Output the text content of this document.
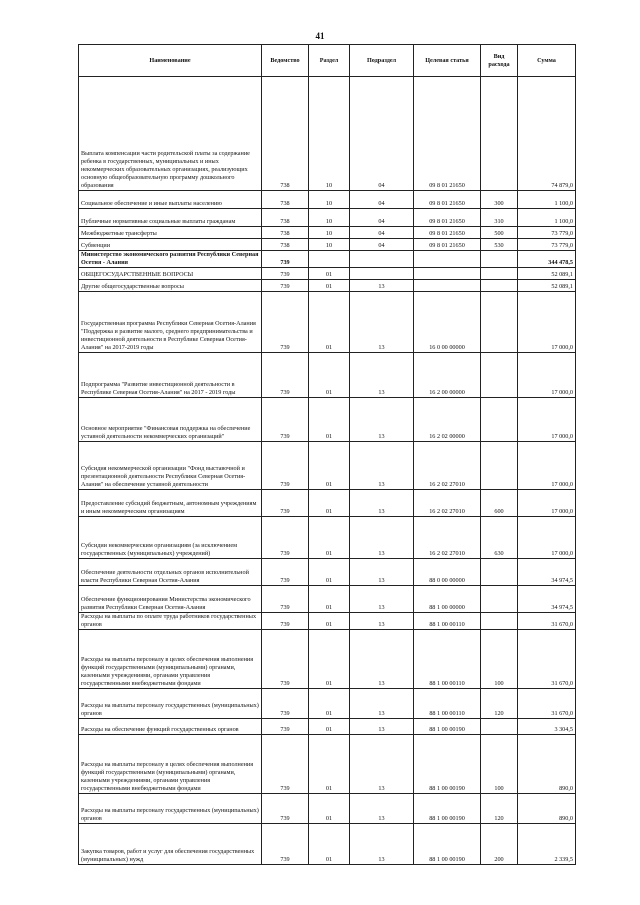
41
Наименование	Ведомство	Раздел	Подраздел	Целевая статья	Вид расхода	Сумма
Выплата компенсации части родительской платы за содержание ребенка в государственных, муниципальных и иных некоммерческих образовательных организациях, реализующих основную общеобразовательную программу дошкольного образования	738	10	04	09 8 01 21650		74 879,0
Социальное обеспечение и иные выплаты населению	738	10	04	09 8 01 21650	300	1 100,0
Публичные нормативные социальные выплаты гражданам	738	10	04	09 8 01 21650	310	1 100,0
Межбюджетные трансферты	738	10	04	09 8 01 21650	500	73 779,0
Субвенции	738	10	04	09 8 01 21650	530	73 779,0
Министерство экономического развития Республики Северная Осетия - Алания	739					344 478,5
ОБЩЕГОСУДАРСТВЕННЫЕ ВОПРОСЫ	739	01				52 089,1
Другие общегосударственные вопросы	739	01	13			52 089,1
Государственная программа Республики Северная Осетия-Алания "Поддержка и развитие малого, среднего предпринимательства и инвестиционной деятельности в Республике Северная Осетия-Алания" на 2017-2019 годы	739	01	13	16 0 00 00000		17 000,0
Подпрограмма "Развитие инвестиционной деятельности в Республике Северная Осетия-Алания" на 2017 - 2019 годы	739	01	13	16 2 00 00000		17 000,0
Основное мероприятие "Финансовая поддержка на обеспечение уставной деятельности некоммерческих организаций"	739	01	13	16 2 02 00000		17 000,0
Субсидия некоммерческой организации "Фонд выставочной и презентационной деятельности Республики Северная Осетия-Алания" на обеспечение уставной деятельности	739	01	13	16 2 02 27010		17 000,0
Предоставление субсидий бюджетным, автономным учреждениям и иным некоммерческим организациям	739	01	13	16 2 02 27010	600	17 000,0
Субсидии некоммерческим организациям (за исключением государственных (муниципальных) учреждений)	739	01	13	16 2 02 27010	630	17 000,0
Обеспечение деятельности отдельных органов исполнительной власти Республики Северная Осетия-Алания	739	01	13	88 0 00 00000		34 974,5
Обеспечение функционирования Министерства экономического развития Республики Северная Осетия-Алания	739	01	13	88 1 00 00000		34 974,5
Расходы на выплаты по оплате труда работников государственных органов	739	01	13	88 1 00 00110		31 670,0
Расходы на выплаты персоналу в целях обеспечения выполнения функций государственными (муниципальными) органами, казенными учреждениями, органами управления государственными внебюджетными фондами	739	01	13	88 1 00 00110	100	31 670,0
Расходы на выплаты персоналу государственных (муниципальных) органов	739	01	13	88 1 00 00110	120	31 670,0
Расходы на обеспечение функций государственных органов	739	01	13	88 1 00 00190		3 304,5
Расходы на выплаты персоналу в целях обеспечения выполнения функций государственными (муниципальными) органами, казенными учреждениями, органами управления государственными внебюджетными фондами	739	01	13	88 1 00 00190	100	890,0
Расходы на выплаты персоналу государственных (муниципальных) органов	739	01	13	88 1 00 00190	120	890,0
Закупка товаров, работ и услуг для обеспечения государственных (муниципальных) нужд	739	01	13	88 1 00 00190	200	2 339,5
